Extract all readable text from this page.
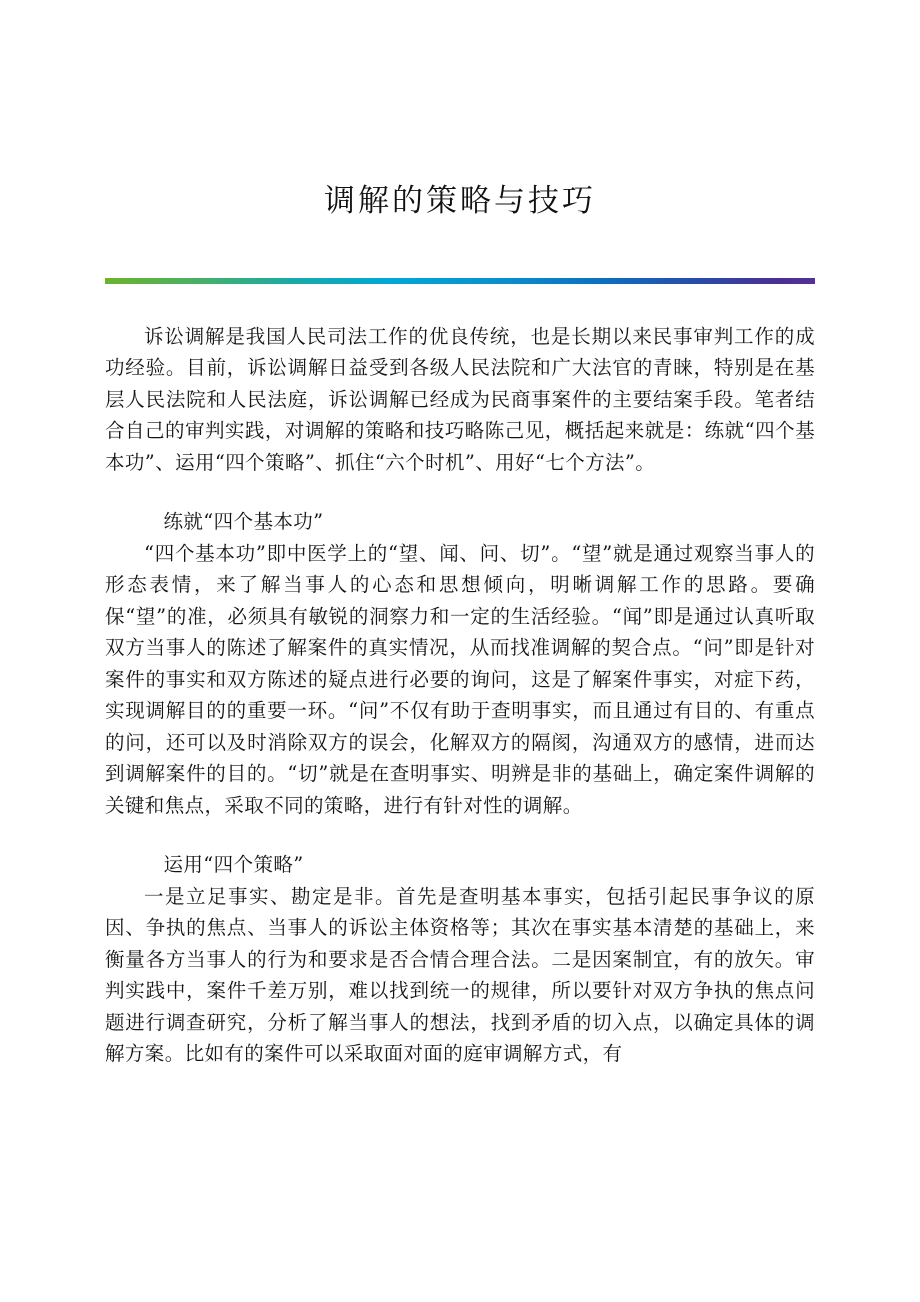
调解的策略与技巧

诉讼调解是我国人民司法工作的优良传统，也是长期以来民事审判工作的成功经验。目前，诉讼调解日益受到各级人民法院和广大法官的青睐，特别是在基层人民法院和人民法庭，诉讼调解已经成为民商事案件的主要结案手段。笔者结合自己的审判实践，对调解的策略和技巧略陈己见，概括起来就是：练就“四个基本功”、运用“四个策略”、抓住“六个时机”、用好“七个方法”。

练就“四个基本功”

“四个基本功”即中医学上的“望、闻、问、切”。“望”就是通过观察当事人的形态表情，来了解当事人的心态和思想倾向，明晰调解工作的思路。要确保“望”的准，必须具有敏锐的洞察力和一定的生活经验。“闻”即是通过认真听取双方当事人的陈述了解案件的真实情况，从而找准调解的契合点。“问”即是针对案件的事实和双方陈述的疑点进行必要的询问，这是了解案件事实，对症下药，实现调解目的的重要一环。“问”不仅有助于查明事实，而且通过有目的、有重点的问，还可以及时消除双方的误会，化解双方的隔阂，沟通双方的感情，进而达到调解案件的目的。“切”就是在查明事实、明辨是非的基础上，确定案件调解的关键和焦点，采取不同的策略，进行有针对性的调解。

运用“四个策略”

一是立足事实、勘定是非。首先是查明基本事实，包括引起民事争议的原因、争执的焦点、当事人的诉讼主体资格等；其次在事实基本清楚的基础上，来衡量各方当事人的行为和要求是否合情合理合法。二是因案制宜，有的放矢。审判实践中，案件千差万别，难以找到统一的规律，所以要针对双方争执的焦点问题进行调查研究，分析了解当事人的想法，找到矛盾的切入点，以确定具体的调解方案。比如有的案件可以采取面对面的庭审调解方式，有
